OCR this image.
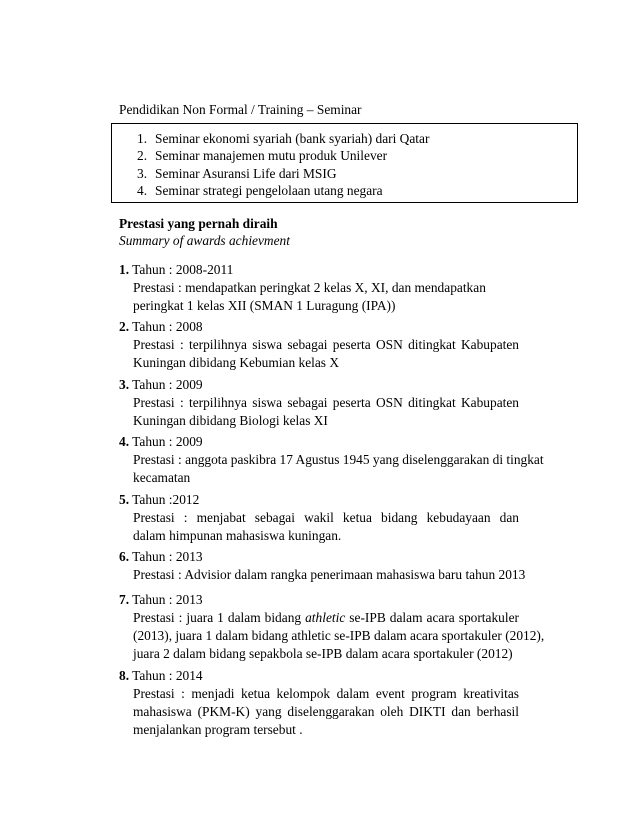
Pendidikan Non Formal / Training – Seminar
1. Seminar ekonomi syariah (bank syariah) dari Qatar
2. Seminar manajemen mutu produk Unilever
3. Seminar Asuransi Life dari MSIG
4. Seminar strategi pengelolaan utang negara
Prestasi yang pernah diraih
Summary of awards achievment
1. Tahun : 2008-2011
Prestasi : mendapatkan peringkat 2 kelas X, XI, dan mendapatkan
peringkat 1 kelas XII (SMAN 1 Luragung (IPA))
2. Tahun : 2008
Prestasi : terpilihnya siswa sebagai peserta OSN ditingkat Kabupaten
Kuningan dibidang Kebumian kelas X
3. Tahun : 2009
Prestasi : terpilihnya siswa sebagai peserta OSN ditingkat Kabupaten
Kuningan dibidang Biologi kelas XI
4. Tahun : 2009
Prestasi : anggota paskibra 17 Agustus 1945 yang diselenggarakan di tingkat
kecamatan
5. Tahun :2012
Prestasi : menjabat sebagai wakil ketua bidang kebudayaan dan
dalam himpunan mahasiswa kuningan.
6. Tahun : 2013
Prestasi : Advisior dalam rangka penerimaan mahasiswa baru tahun 2013
7. Tahun : 2013
Prestasi : juara 1 dalam bidang athletic se-IPB dalam acara sportakuler
(2013), juara 1 dalam bidang athletic se-IPB dalam acara sportakuler (2012),
juara 2 dalam bidang sepakbola se-IPB dalam acara sportakuler (2012)
8. Tahun : 2014
Prestasi : menjadi ketua kelompok dalam event program kreativitas
mahasiswa (PKM-K) yang diselenggarakan oleh DIKTI dan berhasil
menjalankan program tersebut .
